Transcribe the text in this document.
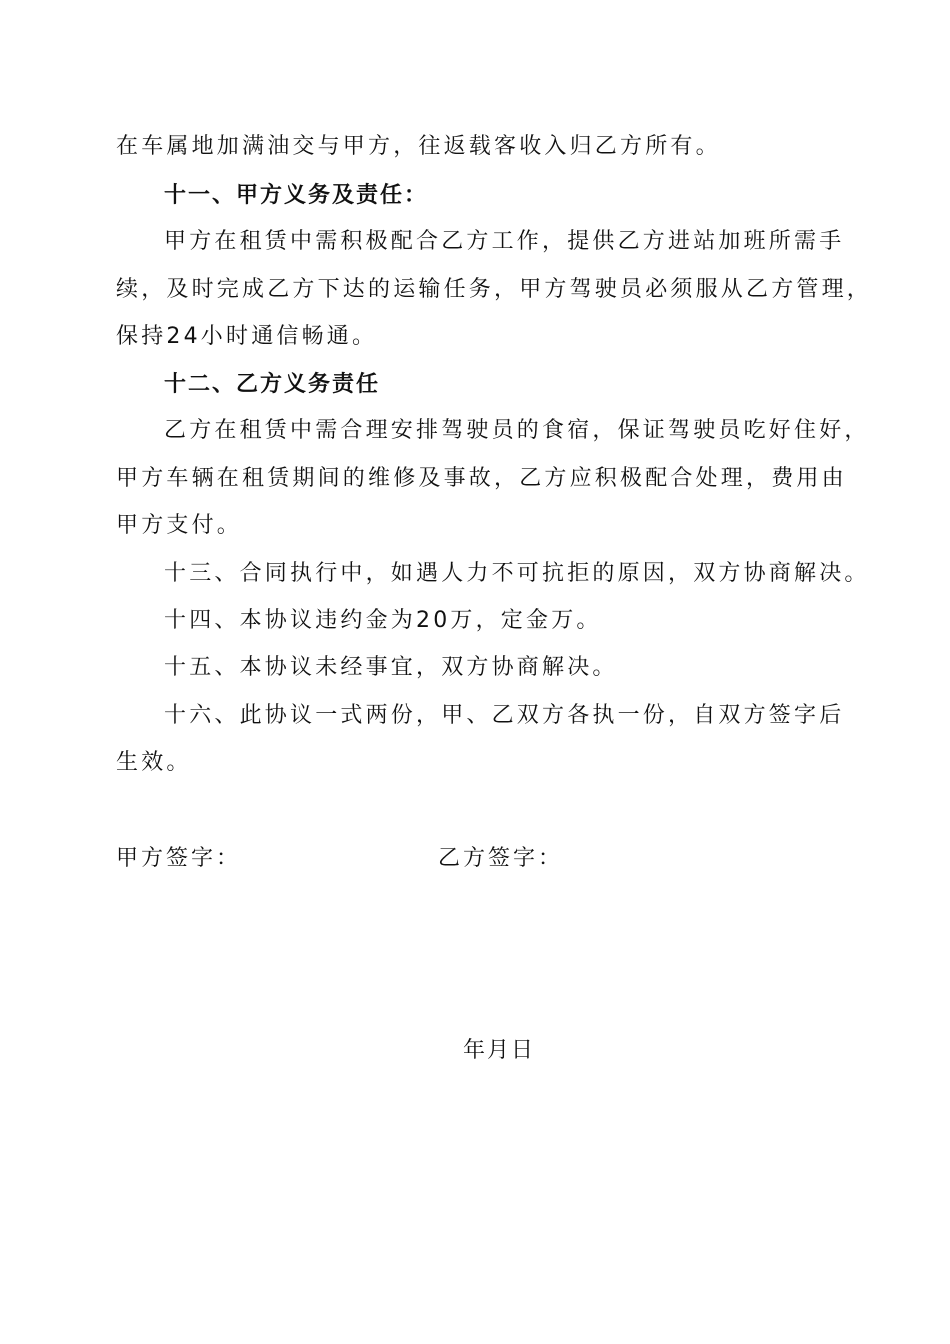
在车属地加满油交与甲方，往返载客收入归乙方所有。
十一、甲方义务及责任：
甲方在租赁中需积极配合乙方工作，提供乙方进站加班所需手
续，及时完成乙方下达的运输任务，甲方驾驶员必须服从乙方管理，
保持24小时通信畅通。
十二、乙方义务责任
乙方在租赁中需合理安排驾驶员的食宿，保证驾驶员吃好住好，
甲方车辆在租赁期间的维修及事故，乙方应积极配合处理，费用由
甲方支付。
十三、合同执行中，如遇人力不可抗拒的原因，双方协商解决。
十四、本协议违约金为20万，定金万。
十五、本协议未经事宜，双方协商解决。
十六、此协议一式两份，甲、乙双方各执一份，自双方签字后
生效。
甲方签字：	乙方签字：
年月日
